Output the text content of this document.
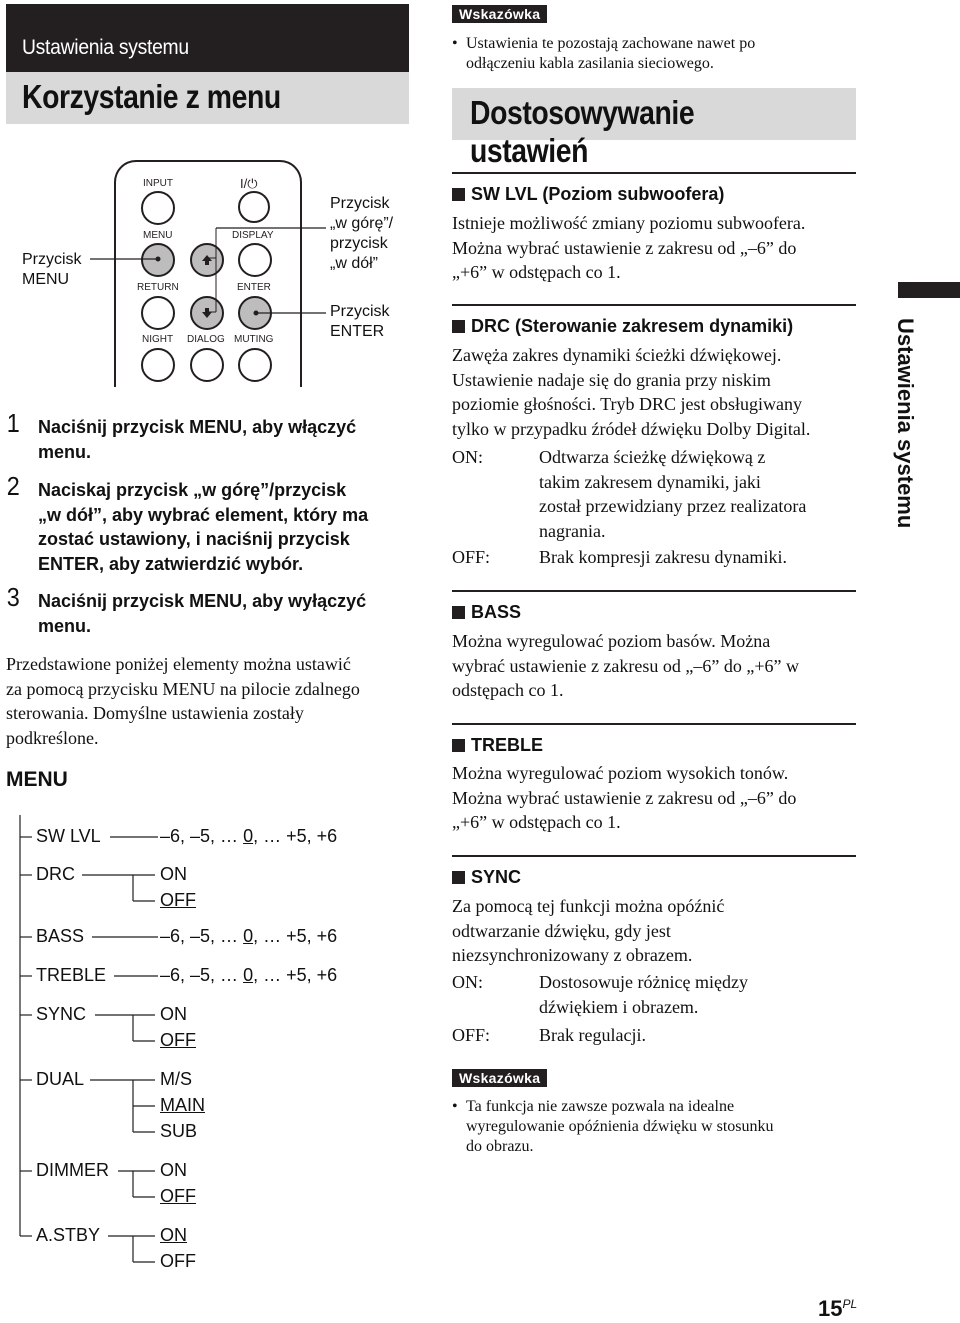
Ustawienia systemu
Korzystanie z menu
Wskazówka
• Ustawienia te pozostają zachowane nawet po
odłączeniu kabla zasilania sieciowego.
Dostosowywanie ustawień
INPUT	I/⏻
MENU	DISPLAY
RETURN	ENTER
NIGHT DIALOG MUTING
Przycisk
MENU
Przycisk
„w górę”/
przycisk
„w dół”
Przycisk
ENTER
1 Naciśnij przycisk MENU, aby włączyć
menu.
2 Naciskaj przycisk „w górę”/przycisk
„w dół”, aby wybrać element, który ma
zostać ustawiony, i naciśnij przycisk
ENTER, aby zatwierdzić wybór.
3 Naciśnij przycisk MENU, aby wyłączyć
menu.
Przedstawione poniżej elementy można ustawić
za pomocą przycisku MENU na pilocie zdalnego
sterowania. Domyślne ustawienia zostały
podkreślone.
MENU
SW LVL	–6, –5, … 0, … +5, +6
DRC	ON
OFF
BASS	–6, –5, … 0, … +5, +6
TREBLE	–6, –5, … 0, … +5, +6
SYNC	ON
OFF
DUAL	M/S
MAIN
SUB
DIMMER	ON
OFF
A.STBY	ON
OFF
SW LVL (Poziom subwoofera)
Istnieje możliwość zmiany poziomu subwoofera.
Można wybrać ustawienie z zakresu od „–6” do
„+6” w odstępach co 1.
DRC (Sterowanie zakresem dynamiki)
Zawęża zakres dynamiki ścieżki dźwiękowej.
Ustawienie nadaje się do grania przy niskim
poziomie głośności. Tryb DRC jest obsługiwany
tylko w przypadku źródeł dźwięku Dolby Digital.
ON:	Odtwarza ścieżkę dźwiękową z
takim zakresem dynamiki, jaki
został przewidziany przez realizatora
nagrania.
OFF:	Brak kompresji zakresu dynamiki.
BASS
Można wyregulować poziom basów. Można
wybrać ustawienie z zakresu od „–6” do „+6” w
odstępach co 1.
TREBLE
Można wyregulować poziom wysokich tonów.
Można wybrać ustawienie z zakresu od „–6” do
„+6” w odstępach co 1.
SYNC
Za pomocą tej funkcji można opóźnić
odtwarzanie dźwięku, gdy jest
niezsynchronizowany z obrazem.
ON:	Dostosowuje różnicę między
dźwiękiem i obrazem.
OFF:	Brak regulacji.
Wskazówka
• Ta funkcja nie zawsze pozwala na idealne
wyregulowanie opóźnienia dźwięku w stosunku
do obrazu.
Ustawienia systemu
$15^{PL}$
